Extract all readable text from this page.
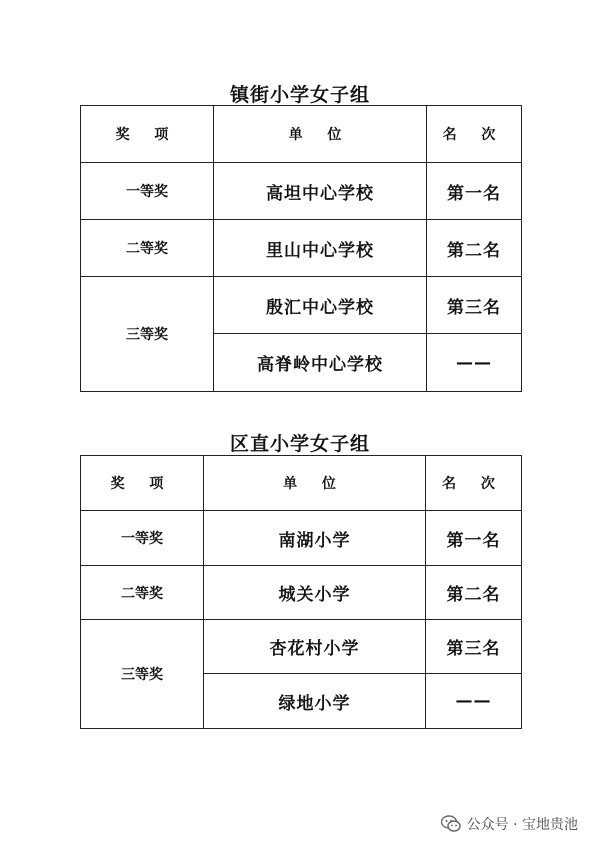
镇街小学女子组
奖 项	单 位	名 次
一等奖	高坦中心学校	第一名
二等奖	里山中心学校	第二名
三等奖	殷汇中心学校	第三名
	高脊岭中心学校	——
区直小学女子组
奖 项	单 位	名 次
一等奖	南湖小学	第一名
二等奖	城关小学	第二名
三等奖	杏花村小学	第三名
	绿地小学	——
公众号 · 宝地贵池
